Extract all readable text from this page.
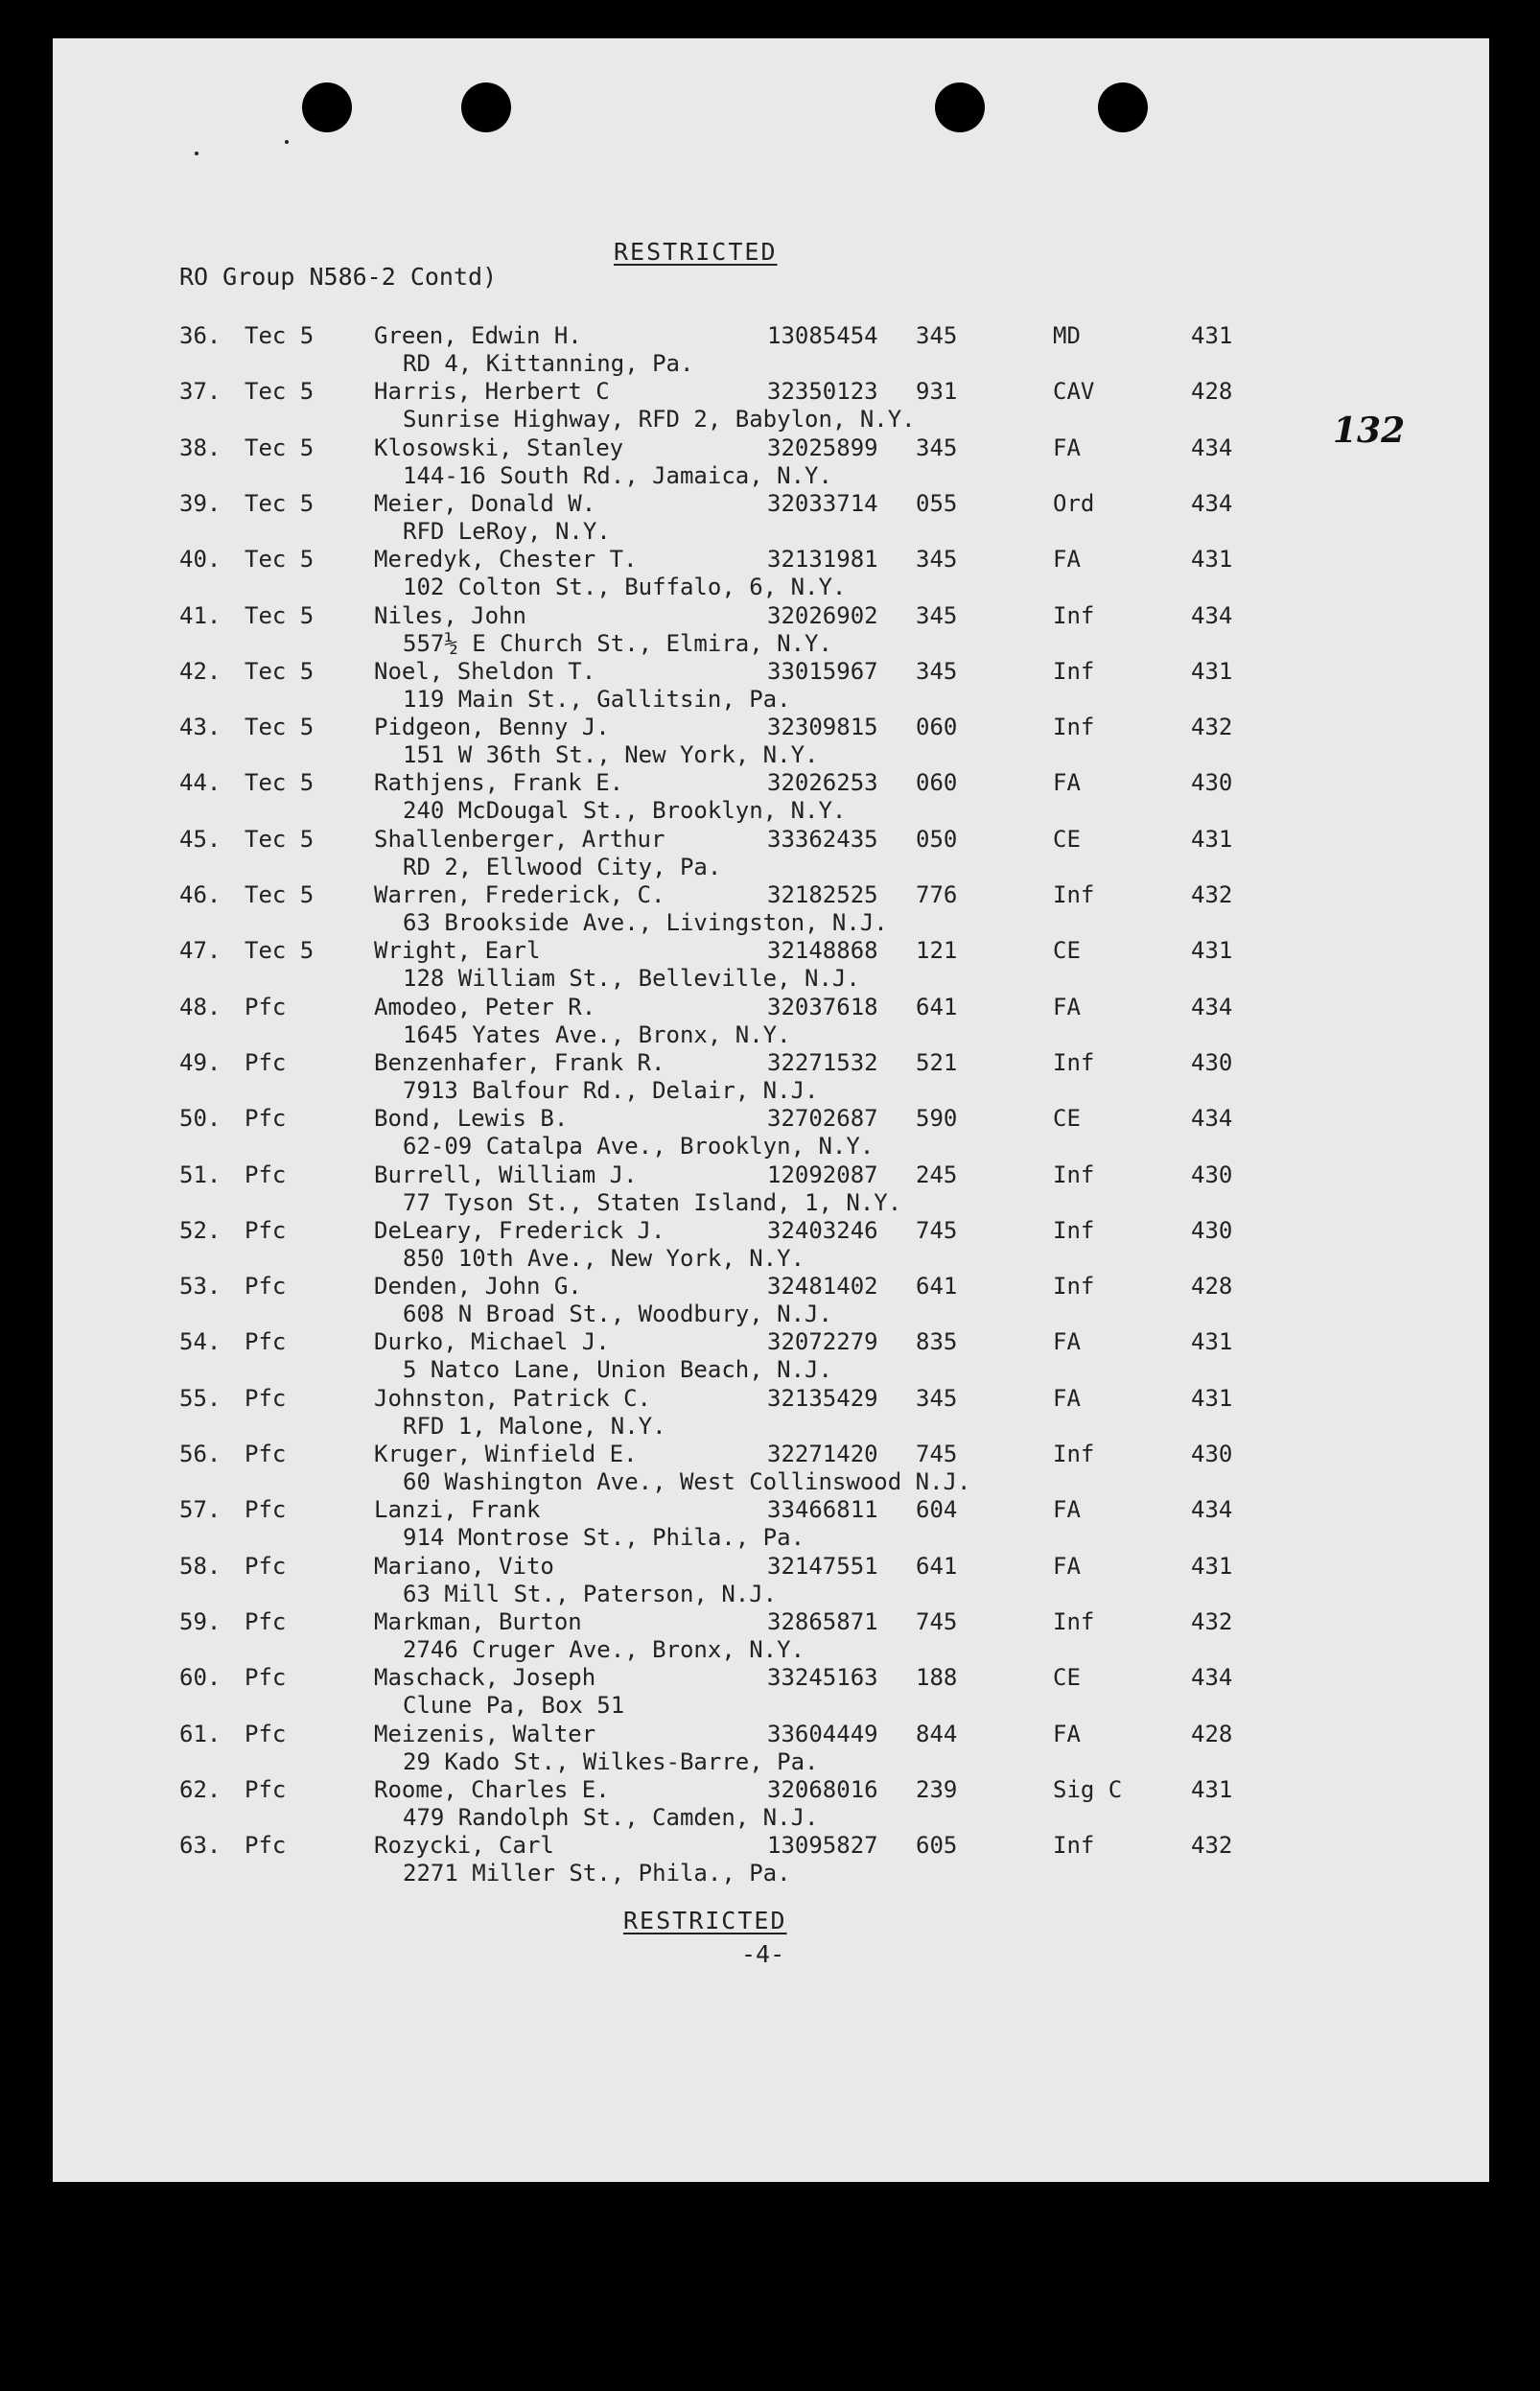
RESTRICTED
RO Group N586-2 Contd)
132
36. Tec 5	Green, Edwin H.	13085454 345	MD	431
RD 4, Kittanning, Pa.
37. Tec 5	Harris, Herbert C	32350123 931	CAV	428
Sunrise Highway, RFD 2, Babylon, N.Y.
38. Tec 5	Klosowski, Stanley	32025899 345	FA	434
144-16 South Rd., Jamaica, N.Y.
39. Tec 5	Meier, Donald W.	32033714 055	Ord	434
RFD LeRoy, N.Y.
40. Tec 5	Meredyk, Chester T.	32131981 345	FA	431
102 Colton St., Buffalo, 6, N.Y.
41. Tec 5	Niles, John	32026902 345	Inf	434
557½ E Church St., Elmira, N.Y.
42. Tec 5	Noel, Sheldon T.	33015967 345	Inf	431
119 Main St., Gallitsin, Pa.
43. Tec 5	Pidgeon, Benny J.	32309815 060	Inf	432
151 W 36th St., New York, N.Y.
44. Tec 5	Rathjens, Frank E.	32026253 060	FA	430
240 McDougal St., Brooklyn, N.Y.
45. Tec 5	Shallenberger, Arthur	33362435 050	CE	431
RD 2, Ellwood City, Pa.
46. Tec 5	Warren, Frederick, C.	32182525 776	Inf	432
63 Brookside Ave., Livingston, N.J.
47. Tec 5	Wright, Earl	32148868 121	CE	431
128 William St., Belleville, N.J.
48. Pfc	Amodeo, Peter R.	32037618 641	FA	434
1645 Yates Ave., Bronx, N.Y.
49. Pfc	Benzenhafer, Frank R.	32271532 521	Inf	430
7913 Balfour Rd., Delair, N.J.
50. Pfc	Bond, Lewis B.	32702687 590	CE	434
62-09 Catalpa Ave., Brooklyn, N.Y.
51. Pfc	Burrell, William J.	12092087 245	Inf	430
77 Tyson St., Staten Island, 1, N.Y.
52. Pfc	DeLeary, Frederick J.	32403246 745	Inf	430
850 10th Ave., New York, N.Y.
53. Pfc	Denden, John G.	32481402 641	Inf	428
608 N Broad St., Woodbury, N.J.
54. Pfc	Durko, Michael J.	32072279 835	FA	431
5 Natco Lane, Union Beach, N.J.
55. Pfc	Johnston, Patrick C.	32135429 345	FA	431
RFD 1, Malone, N.Y.
56. Pfc	Kruger, Winfield E.	32271420 745	Inf	430
60 Washington Ave., West Collinswood N.J.
57. Pfc	Lanzi, Frank	33466811 604	FA	434
914 Montrose St., Phila., Pa.
58. Pfc	Mariano, Vito	32147551 641	FA	431
63 Mill St., Paterson, N.J.
59. Pfc	Markman, Burton	32865871 745	Inf	432
2746 Cruger Ave., Bronx, N.Y.
60. Pfc	Maschack, Joseph	33245163 188	CE	434
Clune Pa, Box 51
61. Pfc	Meizenis, Walter	33604449 844	FA	428
29 Kado St., Wilkes-Barre, Pa.
62. Pfc	Roome, Charles E.	32068016 239	Sig C	431
479 Randolph St., Camden, N.J.
63. Pfc	Rozycki, Carl	13095827 605	Inf	432
2271 Miller St., Phila., Pa.
RESTRICTED
-4-
